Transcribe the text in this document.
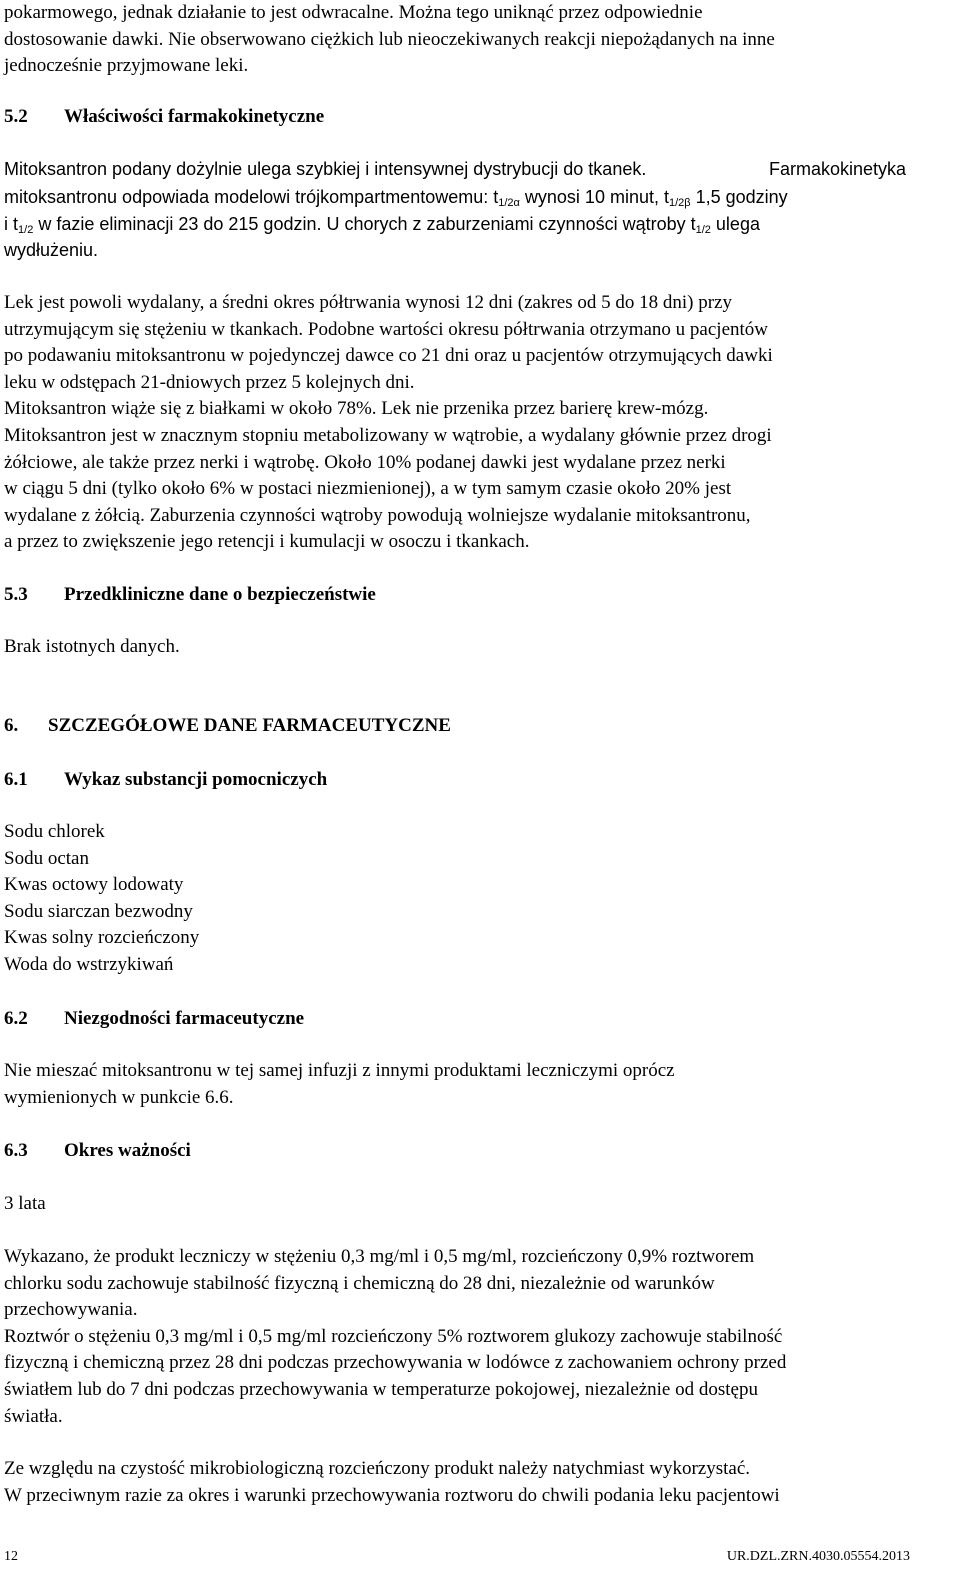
pokarmowego, jednak działanie to jest odwracalne. Można tego uniknąć przez odpowiednie

dostosowanie dawki. Nie obserwowano ciężkich lub nieoczekiwanych reakcji niepożądanych na inne

jednocześnie przyjmowane leki.

5.2	Właściwości farmakokinetyczne

Mitoksantron podany dożylnie ulega szybkiej i intensywnej dystrybucji do tkanek.	Farmakokinetyka

mitoksantronu odpowiada modelowi trójkompartmentowemu: $t_{1/2\alpha}$ wynosi 10 minut, $t_{1/2\beta}$ 1,5 godziny

i $t_{1/2}$ w fazie eliminacji 23 do 215 godzin. U chorych z zaburzeniami czynności wątroby $t_{1/2}$ ulega

wydłużeniu.

Lek jest powoli wydalany, a średni okres półtrwania wynosi 12 dni (zakres od 5 do 18 dni) przy

utrzymującym się stężeniu w tkankach. Podobne wartości okresu półtrwania otrzymano u pacjentów

po podawaniu mitoksantronu w pojedynczej dawce co 21 dni oraz u pacjentów otrzymujących dawki

leku w odstępach 21-dniowych przez 5 kolejnych dni.

Mitoksantron wiąże się z białkami w około 78%. Lek nie przenika przez barierę krew-mózg.

Mitoksantron jest w znacznym stopniu metabolizowany w wątrobie, a wydalany głównie przez drogi

żółciowe, ale także przez nerki i wątrobę. Około 10% podanej dawki jest wydalane przez nerki

w ciągu 5 dni (tylko około 6% w postaci niezmienionej), a w tym samym czasie około 20% jest

wydalane z żółcią. Zaburzenia czynności wątroby powodują wolniejsze wydalanie mitoksantronu,

a przez to zwiększenie jego retencji i kumulacji w osoczu i tkankach.

5.3	Przedkliniczne dane o bezpieczeństwie

Brak istotnych danych.

6.	SZCZEGÓŁOWE DANE FARMACEUTYCZNE
6.1	Wykaz substancji pomocniczych

Sodu chlorek

Sodu octan

Kwas octowy lodowaty

Sodu siarczan bezwodny

Kwas solny rozcieńczony

Woda do wstrzykiwań

6.2	Niezgodności farmaceutyczne

Nie mieszać mitoksantronu w tej samej infuzji z innymi produktami leczniczymi oprócz

wymienionych w punkcie 6.6.

6.3	Okres ważności

3 lata

Wykazano, że produkt leczniczy w stężeniu 0,3 mg/ml i 0,5 mg/ml, rozcieńczony 0,9% roztworem

chlorku sodu zachowuje stabilność fizyczną i chemiczną do 28 dni, niezależnie od warunków

przechowywania.

Roztwór o stężeniu 0,3 mg/ml i 0,5 mg/ml rozcieńczony 5% roztworem glukozy zachowuje stabilność

fizyczną i chemiczną przez 28 dni podczas przechowywania w lodówce z zachowaniem ochrony przed

światłem lub do 7 dni podczas przechowywania w temperaturze pokojowej, niezależnie od dostępu

światła.

Ze względu na czystość mikrobiologiczną rozcieńczony produkt należy natychmiast wykorzystać.

W przeciwnym razie za okres i warunki przechowywania roztworu do chwili podania leku pacjentowi

12	UR.DZL.ZRN.4030.05554.2013
